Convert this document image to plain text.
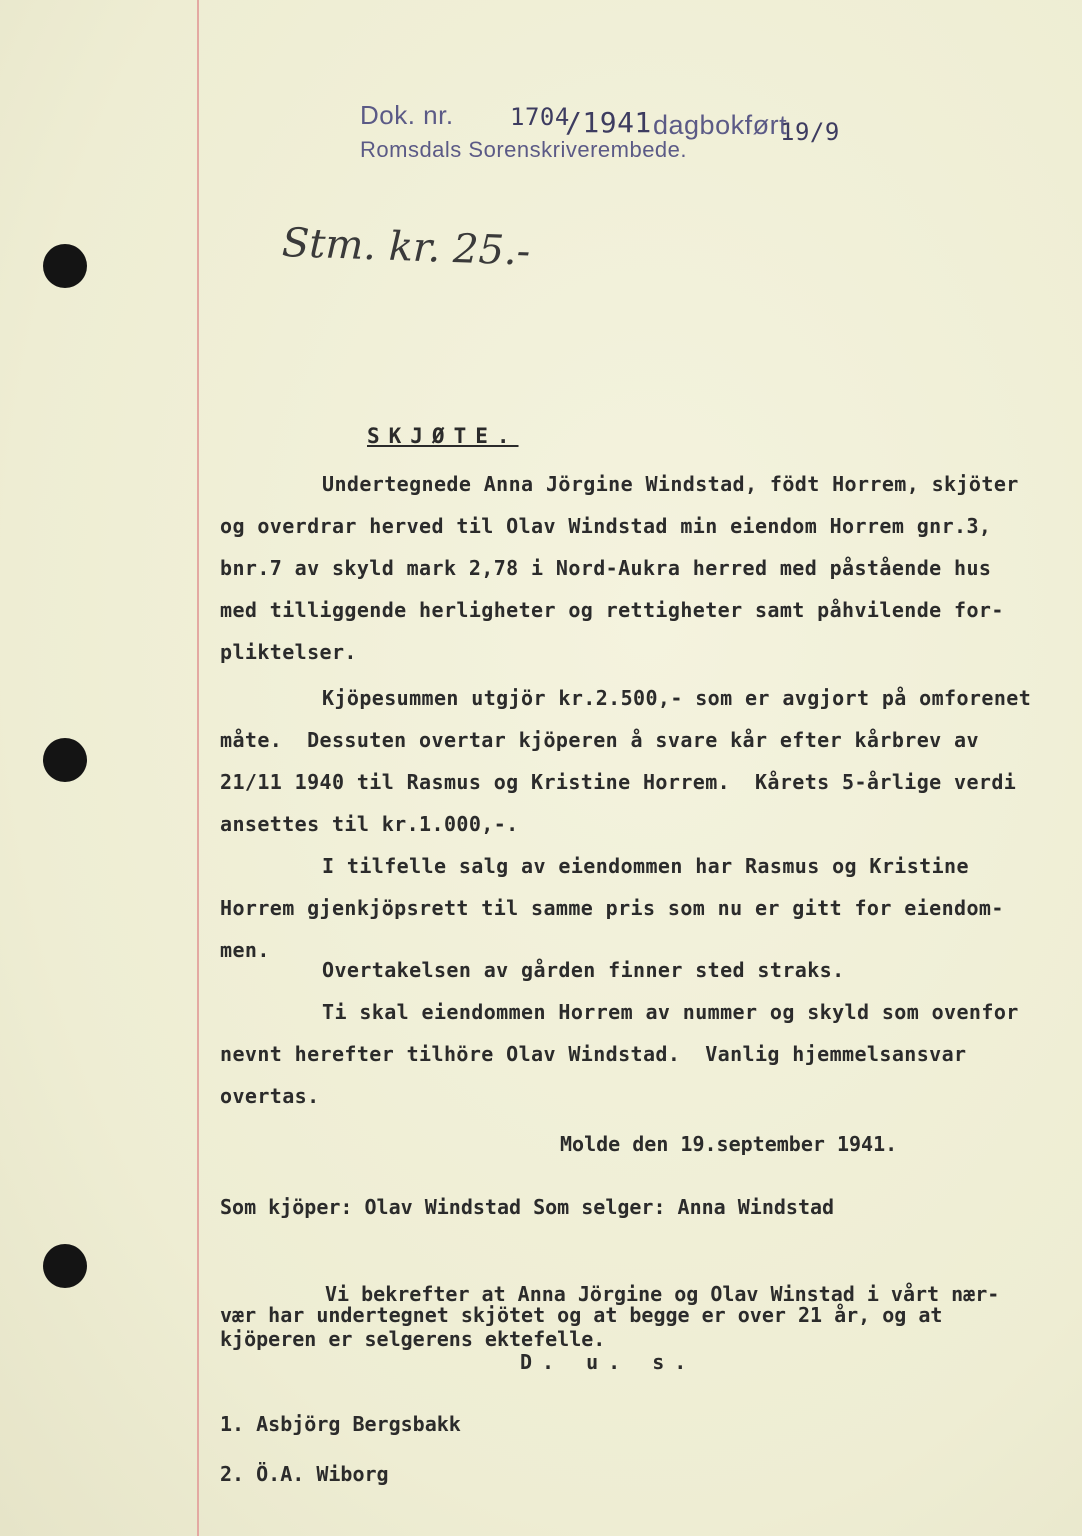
Dok. nr. 1704
/1941 dagbokført
19/9
Romsdals Sorenskriverembede.
Stm. kr. 25.-
SKJØTE.
Undertegnede Anna Jörgine Windstad, födt Horrem, skjöter
og overdrar herved til Olav Windstad min eiendom Horrem gnr.3,
bnr.7 av skyld mark 2,78 i Nord-Aukra herred med påstående hus
med tilliggende herligheter og rettigheter samt påhvilende for-
pliktelser.
Kjöpesummen utgjör kr.2.500,- som er avgjort på omforenet
måte.  Dessuten overtar kjöperen å svare kår efter kårbrev av
21/11 1940 til Rasmus og Kristine Horrem.  Kårets 5-årlige verdi
ansettes til kr.1.000,-.
I tilfelle salg av eiendommen har Rasmus og Kristine
Horrem gjenkjöpsrett til samme pris som nu er gitt for eiendom-
men.
Overtakelsen av gården finner sted straks.
Ti skal eiendommen Horrem av nummer og skyld som ovenfor
nevnt herefter tilhöre Olav Windstad.  Vanlig hjemmelsansvar
overtas.
Molde den 19.september 1941.
Som kjöper: Olav Windstad Som selger: Anna Windstad
Vi bekrefter at Anna Jörgine og Olav Winstad i vårt nær-
vær har undertegnet skjötet og at begge er over 21 år, og at
kjöperen er selgerens ektefelle.
D. u. s.
1. Asbjörg Bergsbakk
2. Ö.A. Wiborg
